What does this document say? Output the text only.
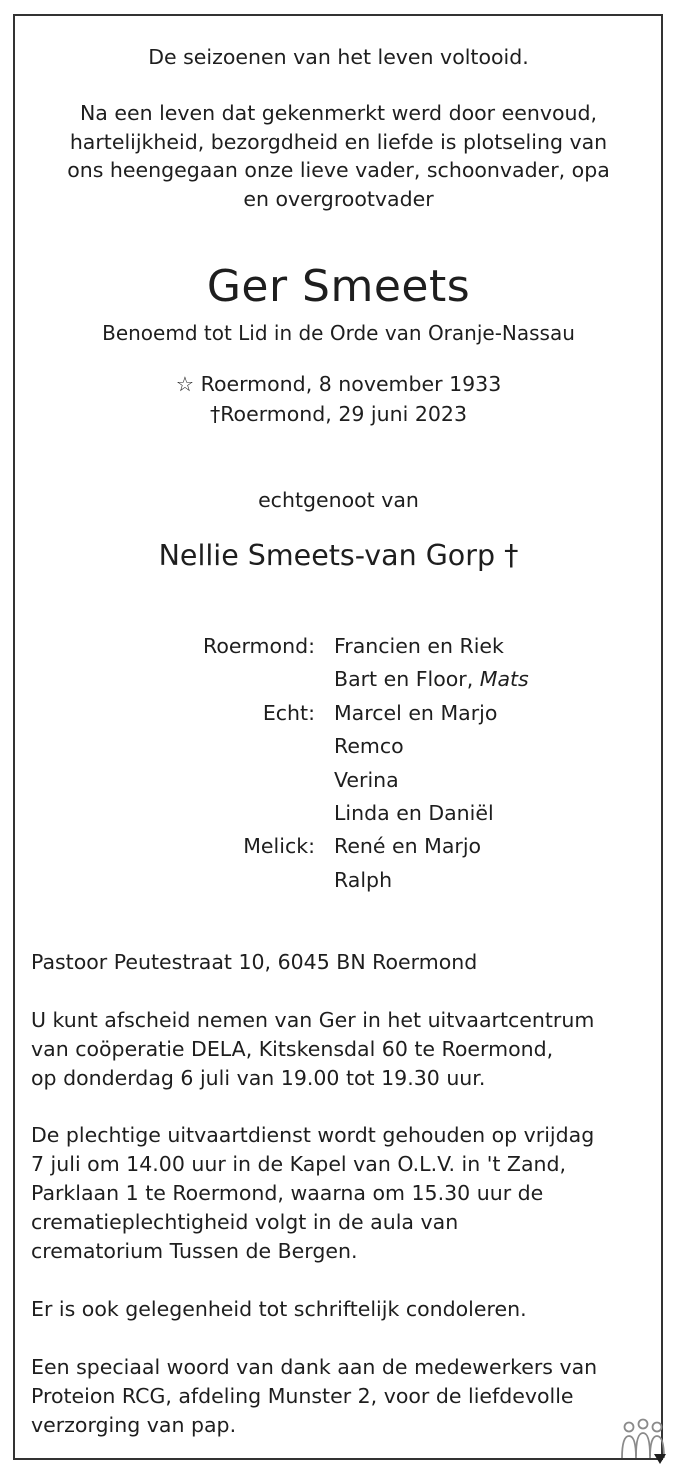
De seizoenen van het leven voltooid.
Na een leven dat gekenmerkt werd door eenvoud,
hartelijkheid, bezorgdheid en liefde is plotseling van
ons heengegaan onze lieve vader, schoonvader, opa
en overgrootvader
Ger Smeets
Benoemd tot Lid in de Orde van Oranje-Nassau
☆ Roermond, 8 november 1933
†Roermond, 29 juni 2023
echtgenoot van
Nellie Smeets-van Gorp †
Roermond: Francien en Riek
Bart en Floor, Mats
Echt: Marcel en Marjo
Remco
Verina
Linda en Daniël
Melick: René en Marjo
Ralph
Pastoor Peutestraat 10, 6045 BN Roermond
U kunt afscheid nemen van Ger in het uitvaartcentrum
van coöperatie DELA, Kitskensdal 60 te Roermond,
op donderdag 6 juli van 19.00 tot 19.30 uur.
De plechtige uitvaartdienst wordt gehouden op vrijdag
7 juli om 14.00 uur in de Kapel van O.L.V. in 't Zand,
Parklaan 1 te Roermond, waarna om 15.30 uur de
crematieplechtigheid volgt in de aula van
crematorium Tussen de Bergen.
Er is ook gelegenheid tot schriftelijk condoleren.
Een speciaal woord van dank aan de medewerkers van
Proteion RCG, afdeling Munster 2, voor de liefdevolle
verzorging van pap.
